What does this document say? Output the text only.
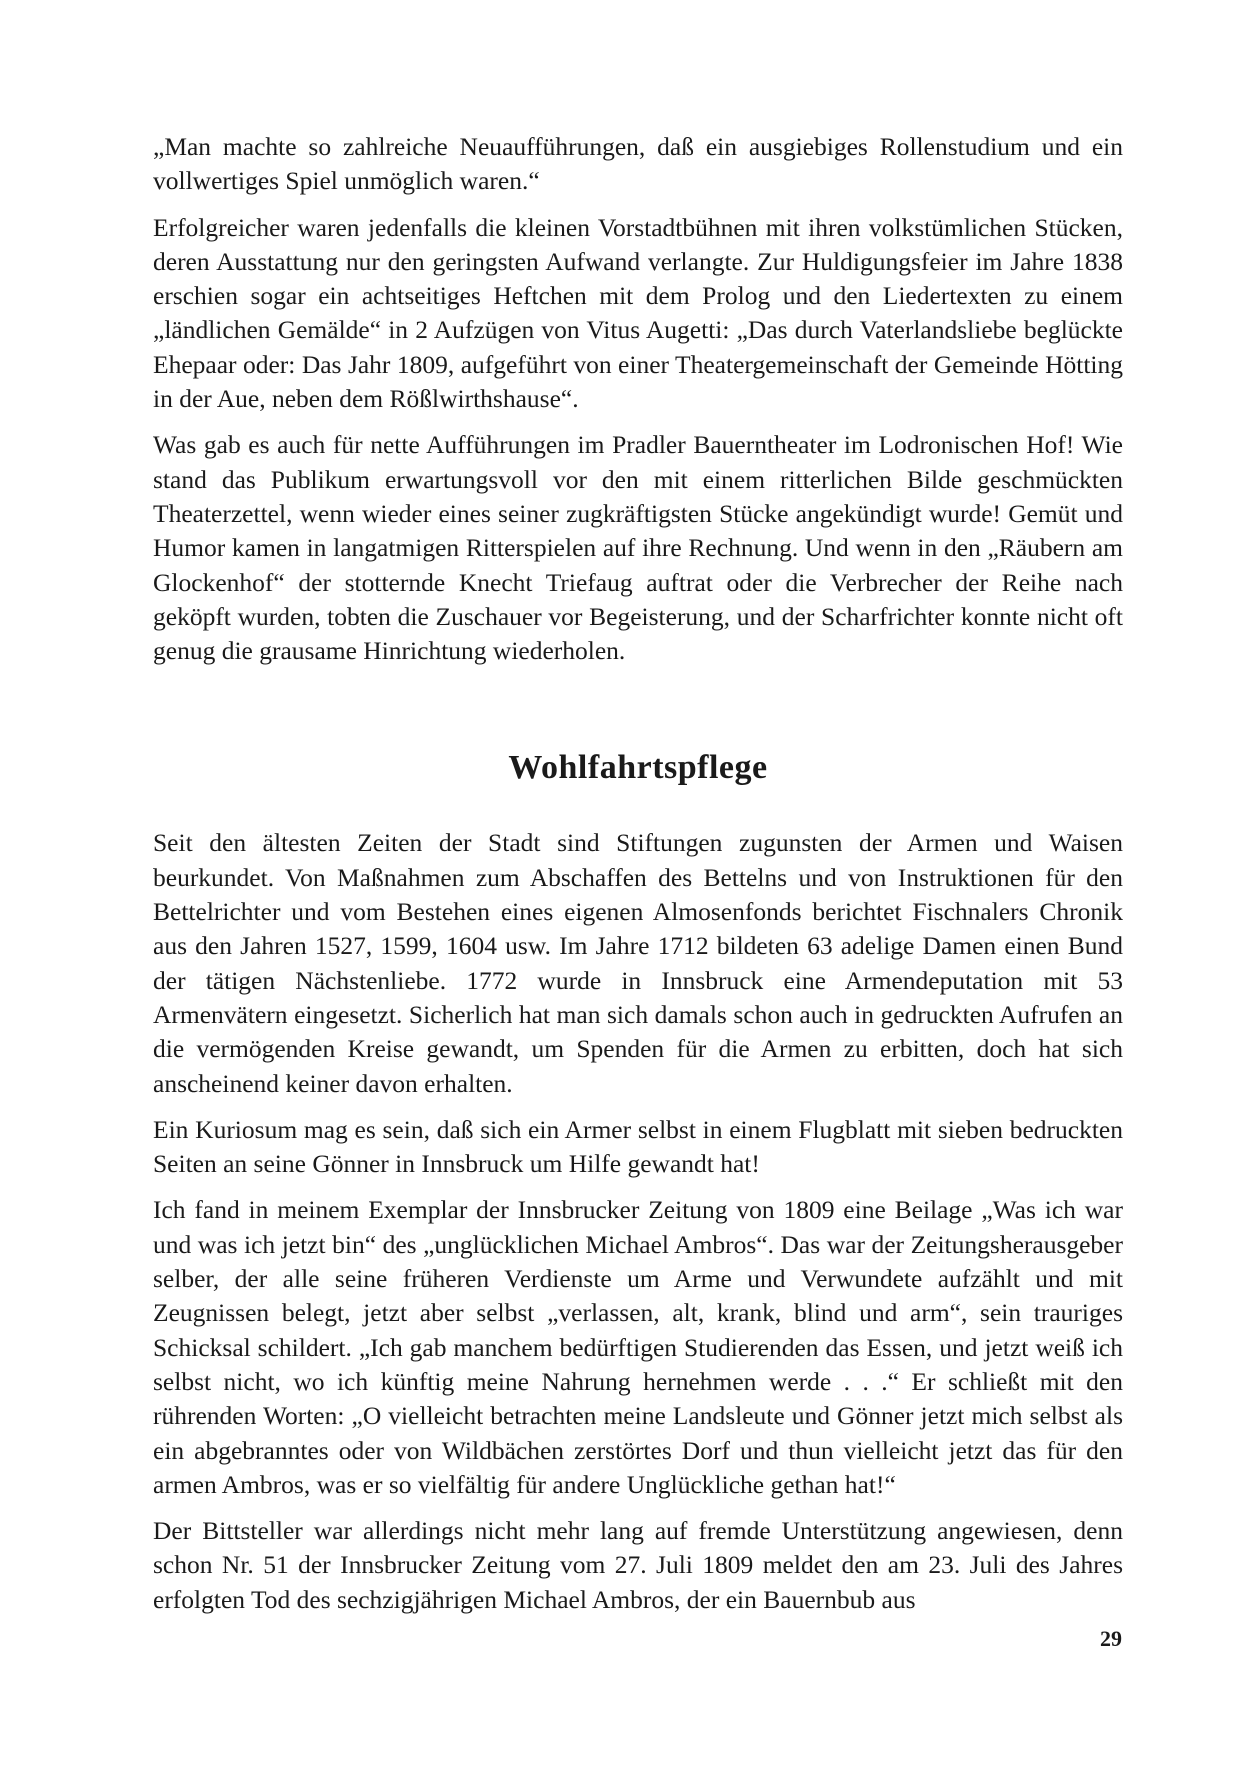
„Man machte so zahlreiche Neuaufführungen, daß ein ausgiebiges Rollenstudium und ein vollwertiges Spiel unmöglich waren.“

Erfolgreicher waren jedenfalls die kleinen Vorstadtbühnen mit ihren volkstümlichen Stücken, deren Ausstattung nur den geringsten Aufwand verlangte. Zur Huldigungsfeier im Jahre 1838 erschien sogar ein achtseitiges Heftchen mit dem Prolog und den Liedertexten zu einem „ländlichen Gemälde“ in 2 Aufzügen von Vitus Augetti: „Das durch Vaterlandsliebe beglückte Ehepaar oder: Das Jahr 1809, aufgeführt von einer Theatergemeinschaft der Gemeinde Hötting in der Aue, neben dem Rößlwirthshause“.

Was gab es auch für nette Aufführungen im Pradler Bauerntheater im Lodronischen Hof! Wie stand das Publikum erwartungsvoll vor den mit einem ritterlichen Bilde geschmückten Theaterzettel, wenn wieder eines seiner zugkräftigsten Stücke angekündigt wurde! Gemüt und Humor kamen in langatmigen Ritterspielen auf ihre Rechnung. Und wenn in den „Räubern am Glockenhof“ der stotternde Knecht Triefaug auftrat oder die Verbrecher der Reihe nach geköpft wurden, tobten die Zuschauer vor Begeisterung, und der Scharfrichter konnte nicht oft genug die grausame Hinrichtung wiederholen.

Wohlfahrtspflege

Seit den ältesten Zeiten der Stadt sind Stiftungen zugunsten der Armen und Waisen beurkundet. Von Maßnahmen zum Abschaffen des Bettelns und von Instruktionen für den Bettelrichter und vom Bestehen eines eigenen Almosenfonds berichtet Fischnalers Chronik aus den Jahren 1527, 1599, 1604 usw. Im Jahre 1712 bildeten 63 adelige Damen einen Bund der tätigen Nächstenliebe. 1772 wurde in Innsbruck eine Armendeputation mit 53 Armenvätern eingesetzt. Sicherlich hat man sich damals schon auch in gedruckten Aufrufen an die vermögenden Kreise gewandt, um Spenden für die Armen zu erbitten, doch hat sich anscheinend keiner davon erhalten.

Ein Kuriosum mag es sein, daß sich ein Armer selbst in einem Flugblatt mit sieben bedruckten Seiten an seine Gönner in Innsbruck um Hilfe gewandt hat!

Ich fand in meinem Exemplar der Innsbrucker Zeitung von 1809 eine Beilage „Was ich war und was ich jetzt bin“ des „unglücklichen Michael Ambros“. Das war der Zeitungsherausgeber selber, der alle seine früheren Verdienste um Arme und Verwundete aufzählt und mit Zeugnissen belegt, jetzt aber selbst „verlassen, alt, krank, blind und arm“, sein trauriges Schicksal schildert. „Ich gab manchem bedürftigen Studierenden das Essen, und jetzt weiß ich selbst nicht, wo ich künftig meine Nahrung hernehmen werde . . .“ Er schließt mit den rührenden Worten: „O vielleicht betrachten meine Landsleute und Gönner jetzt mich selbst als ein abgebranntes oder von Wildbächen zerstörtes Dorf und thun vielleicht jetzt das für den armen Ambros, was er so vielfältig für andere Unglückliche gethan hat!“

Der Bittsteller war allerdings nicht mehr lang auf fremde Unterstützung angewiesen, denn schon Nr. 51 der Innsbrucker Zeitung vom 27. Juli 1809 meldet den am 23. Juli des Jahres erfolgten Tod des sechzigjährigen Michael Ambros, der ein Bauernbub aus

29
